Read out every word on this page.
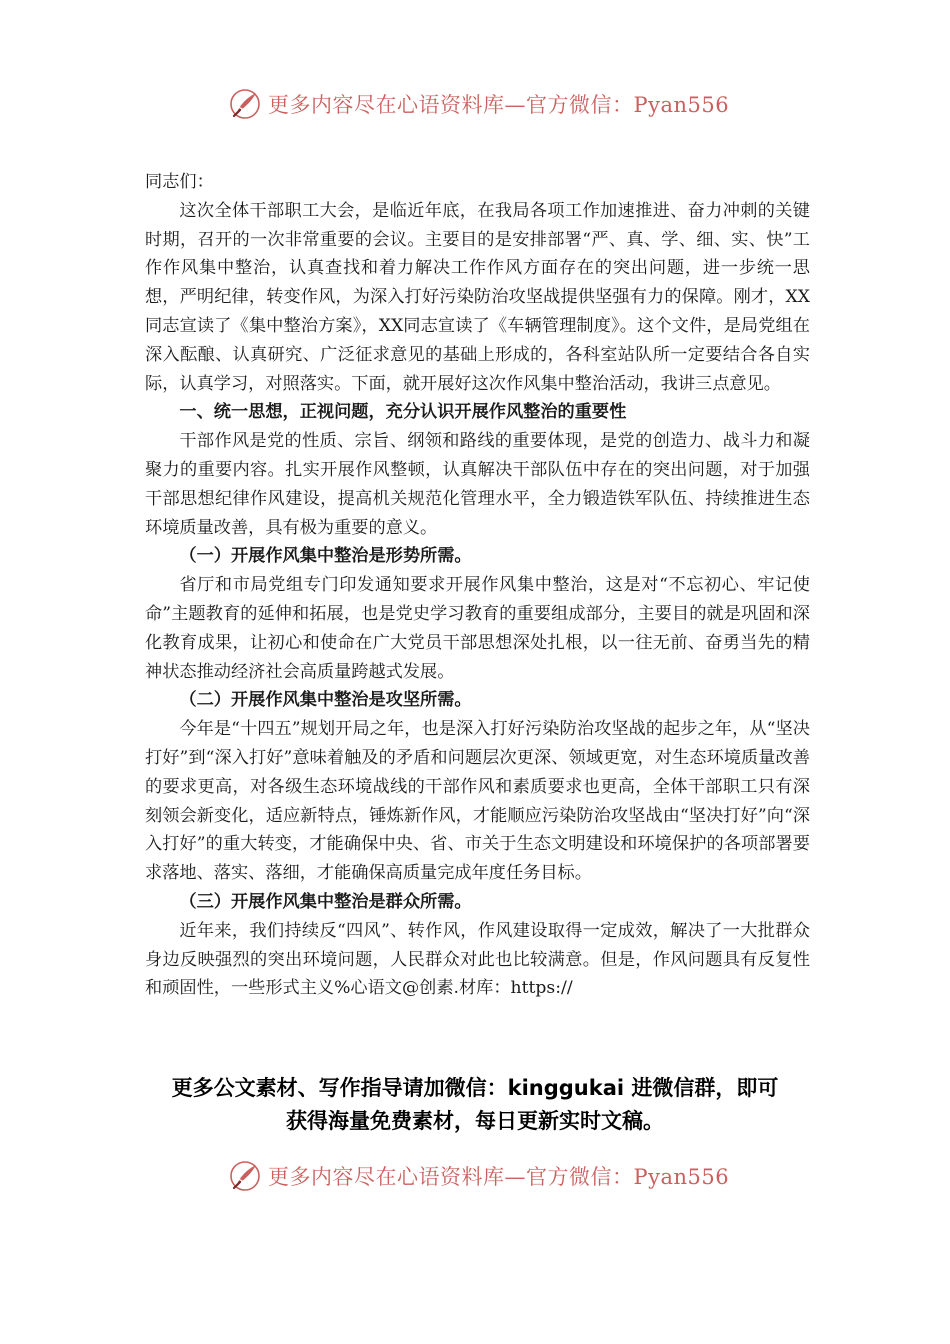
更多内容尽在心语资料库—官方微信：Pyan556

同志们：

这次全体干部职工大会，是临近年底，在我局各项工作加速推进、奋力冲刺的关键时期，召开的一次非常重要的会议。主要目的是安排部署“严、真、学、细、实、快”工作作风集中整治，认真查找和着力解决工作作风方面存在的突出问题，进一步统一思想，严明纪律，转变作风，为深入打好污染防治攻坚战提供坚强有力的保障。刚才，XX同志宣读了《集中整治方案》，XX同志宣读了《车辆管理制度》。这个文件，是局党组在深入酝酿、认真研究、广泛征求意见的基础上形成的，各科室站队所一定要结合各自实际，认真学习，对照落实。下面，就开展好这次作风集中整治活动，我讲三点意见。

一、统一思想，正视问题，充分认识开展作风整治的重要性

干部作风是党的性质、宗旨、纲领和路线的重要体现，是党的创造力、战斗力和凝聚力的重要内容。扎实开展作风整顿，认真解决干部队伍中存在的突出问题，对于加强干部思想纪律作风建设，提高机关规范化管理水平，全力锻造铁军队伍、持续推进生态环境质量改善，具有极为重要的意义。

（一）开展作风集中整治是形势所需。

省厅和市局党组专门印发通知要求开展作风集中整治，这是对“不忘初心、牢记使命”主题教育的延伸和拓展，也是党史学习教育的重要组成部分，主要目的就是巩固和深化教育成果，让初心和使命在广大党员干部思想深处扎根，以一往无前、奋勇当先的精神状态推动经济社会高质量跨越式发展。

（二）开展作风集中整治是攻坚所需。

今年是“十四五”规划开局之年，也是深入打好污染防治攻坚战的起步之年，从“坚决打好”到“深入打好”意味着触及的矛盾和问题层次更深、领域更宽，对生态环境质量改善的要求更高，对各级生态环境战线的干部作风和素质要求也更高，全体干部职工只有深刻领会新变化，适应新特点，锤炼新作风，才能顺应污染防治攻坚战由“坚决打好”向“深入打好”的重大转变，才能确保中央、省、市关于生态文明建设和环境保护的各项部署要求落地、落实、落细，才能确保高质量完成年度任务目标。

（三）开展作风集中整治是群众所需。

近年来，我们持续反“四风”、转作风，作风建设取得一定成效，解决了一大批群众身边反映强烈的突出环境问题，人民群众对此也比较满意。但是，作风问题具有反复性和顽固性，一些形式主义%心语文@创素.材库：https://

更多公文素材、写作指导请加微信：kinggukai 进微信群，即可

获得海量免费素材，每日更新实时文稿。

更多内容尽在心语资料库—官方微信：Pyan556
